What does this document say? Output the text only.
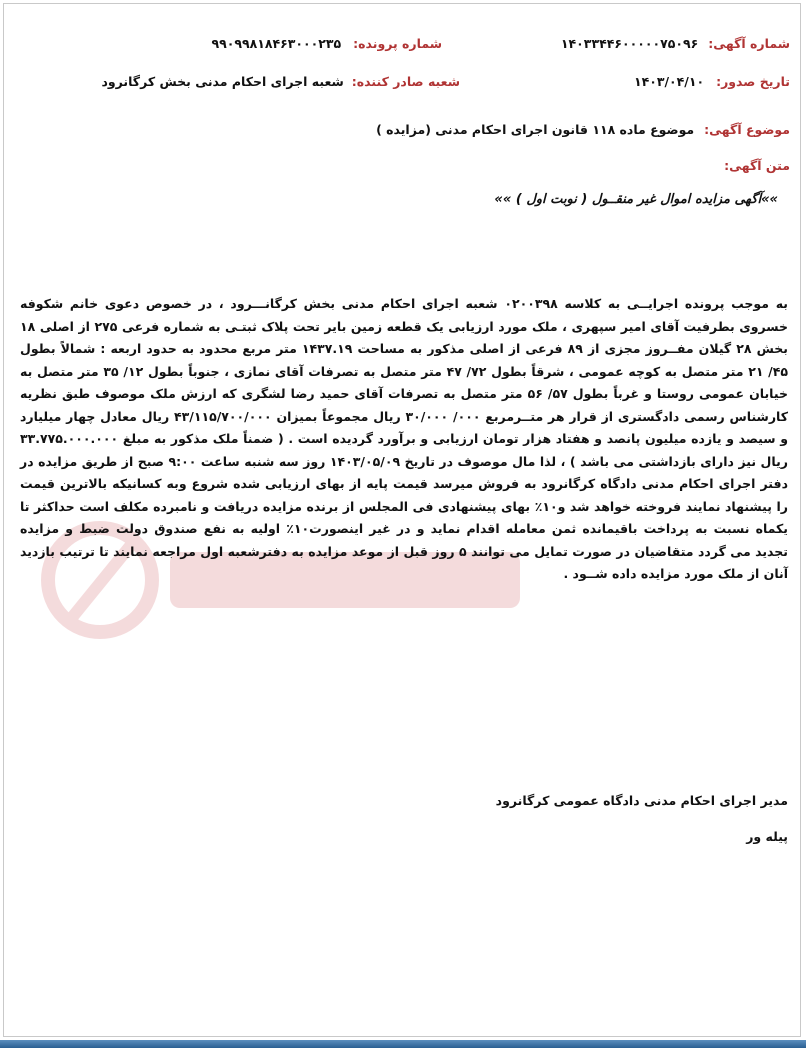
شماره آگهی: ۱۴۰۳۳۴۴۶۰۰۰۰۰۷۵۰۹۶
شماره پرونده: ۹۹۰۹۹۸۱۸۴۶۳۰۰۰۲۳۵
تاریخ صدور: ۱۴۰۳/۰۴/۱۰
شعبه صادر کننده: شعبه اجرای احکام مدنی بخش کرگانرود
موضوع آگهی: موضوع ماده ۱۱۸ قانون اجرای احکام مدنی (مزایده )
متن آگهی:
»»آگهی مزایده اموال غیر منقــول ( نوبت اول ) »»
به موجب پرونده اجرایــی به کلاسه ۰۲۰۰۳۹۸ شعبه اجرای احکام مدنی بخش کرگانـــرود ، در خصوص دعوی خانم شکوفه خسروی بطرفیت آقای امیر سپهری ، ملک مورد ارزیابی یک قطعه زمین بایر تحت پلاک ثبتـی به شماره فرعی ۲۷۵ از اصلی ۱۸ بخش ۲۸ گیلان مفــروز مجزی از ۸۹ فرعی از اصلی مذکور به مساحت ۱۴۳۷.۱۹ متر مربع محدود به حدود اربعه : شمالاً بطول ۴۵/ ۲۱ متر متصل به کوچه عمومی ، شرقاً بطول ۷۲/ ۴۷ متر متصل به تصرفات آقای نمازی ، جنوباً بطول ۱۲/ ۳۵ متر متصل به خیابان عمومی روستا و غرباً بطول ۵۷/ ۵۶ متر متصل به تصرفات آقای حمید رضا لشگری که ارزش ملک موصوف طبق نظریه کارشناس رسمی دادگستری از قرار هر متــرمربع ۰۰۰/ ۳۰/۰۰۰ ریال مجموعاً بمیزان ۴۳/۱۱۵/۷۰۰/۰۰۰ ریال معادل چهار میلیارد و سیصد و یازده میلیون پانصد و هفتاد هزار تومان ارزیابی و برآورد گردیده است . ( ضمناً ملک مذکور به مبلغ ۳۳.۷۷۵.۰۰۰.۰۰۰ ریال نیز دارای بازداشتی می باشد ) ، لذا مال موصوف در تاریخ ۱۴۰۳/۰۵/۰۹ روز سه شنبه ساعت ۹:۰۰ صبح از طریق مزایده در دفتر اجرای احکام مدنی دادگاه کرگانرود به فروش میرسد قیمت پایه از بهای ارزیابی شده شروع وبه کسانیکه بالاترین قیمت را پیشنهاد نمایند فروخته خواهد شد و۱۰٪ بهای پیشنهادی فی المجلس از برنده مزایده دریافت و نامبرده مکلف است حداکثر تا یکماه نسبت به پرداخت باقیمانده ثمن معامله اقدام نماید و در غیر اینصورت۱۰٪ اولیه به نفع صندوق دولت ضبط و مزایده تجدید می گردد متقاضیان در صورت تمایل می توانند ۵ روز قبل از موعد مزایده به دفترشعبه اول مراجعه نمایند تا ترتیب بازدید آنان از ملک مورد مزایده داده شــود .
مدیر اجرای احکام مدنی دادگاه عمومی کرگانرود
پیله ور
